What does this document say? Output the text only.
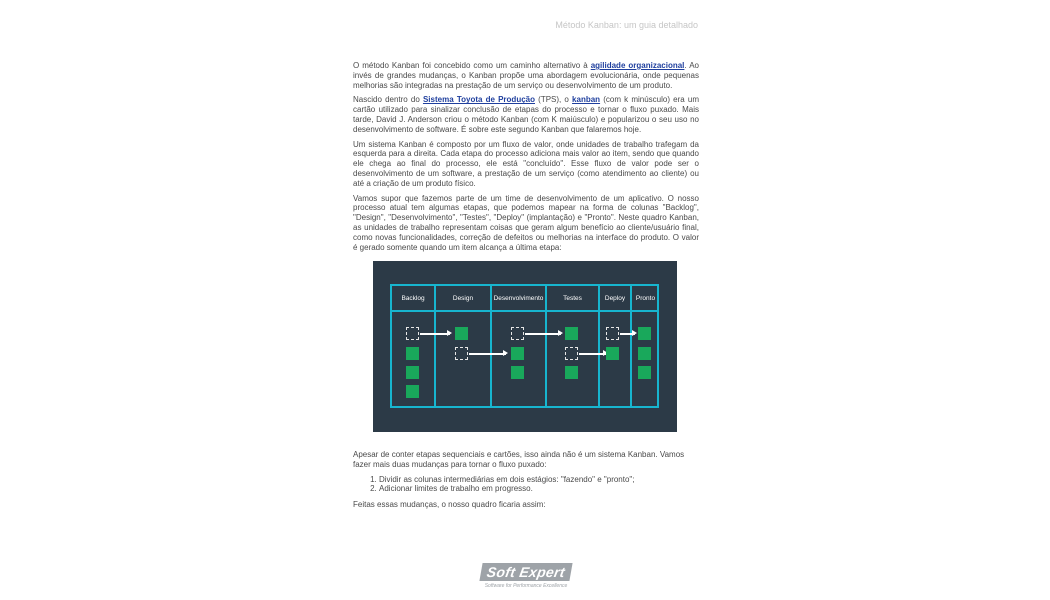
Método Kanban: um guia detalhado

O método Kanban foi concebido como um caminho alternativo à agilidade organizacional. Ao invés de grandes mudanças, o Kanban propõe uma abordagem evolucionária, onde pequenas melhorias são integradas na prestação de um serviço ou desenvolvimento de um produto.

Nascido dentro do Sistema Toyota de Produção (TPS), o kanban (com k minúsculo) era um cartão utilizado para sinalizar conclusão de etapas do processo e tornar o fluxo puxado. Mais tarde, David J. Anderson criou o método Kanban (com K maiúsculo) e popularizou o seu uso no desenvolvimento de software. É sobre este segundo Kanban que falaremos hoje.

Um sistema Kanban é composto por um fluxo de valor, onde unidades de trabalho trafegam da esquerda para a direita. Cada etapa do processo adiciona mais valor ao item, sendo que quando ele chega ao final do processo, ele está "concluído". Esse fluxo de valor pode ser o desenvolvimento de um software, a prestação de um serviço (como atendimento ao cliente) ou até a criação de um produto físico.

Vamos supor que fazemos parte de um time de desenvolvimento de um aplicativo. O nosso processo atual tem algumas etapas, que podemos mapear na forma de colunas "Backlog", "Design", "Desenvolvimento", "Testes", "Deploy" (implantação) e "Pronto". Neste quadro Kanban, as unidades de trabalho representam coisas que geram algum benefício ao cliente/usuário final, como novas funcionalidades, correção de defeitos ou melhorias na interface do produto. O valor é gerado somente quando um item alcança a última etapa:

Backlog	Design	Desenvolvimento	Testes	Deploy	Pronto

Apesar de conter etapas sequenciais e cartões, isso ainda não é um sistema Kanban. Vamos fazer mais duas mudanças para tornar o fluxo puxado:

1. Dividir as colunas intermediárias em dois estágios: "fazendo" e "pronto";
2. Adicionar limites de trabalho em progresso.

Feitas essas mudanças, o nosso quadro ficaria assim:

Soft Expert
Software for Performance Excellence
